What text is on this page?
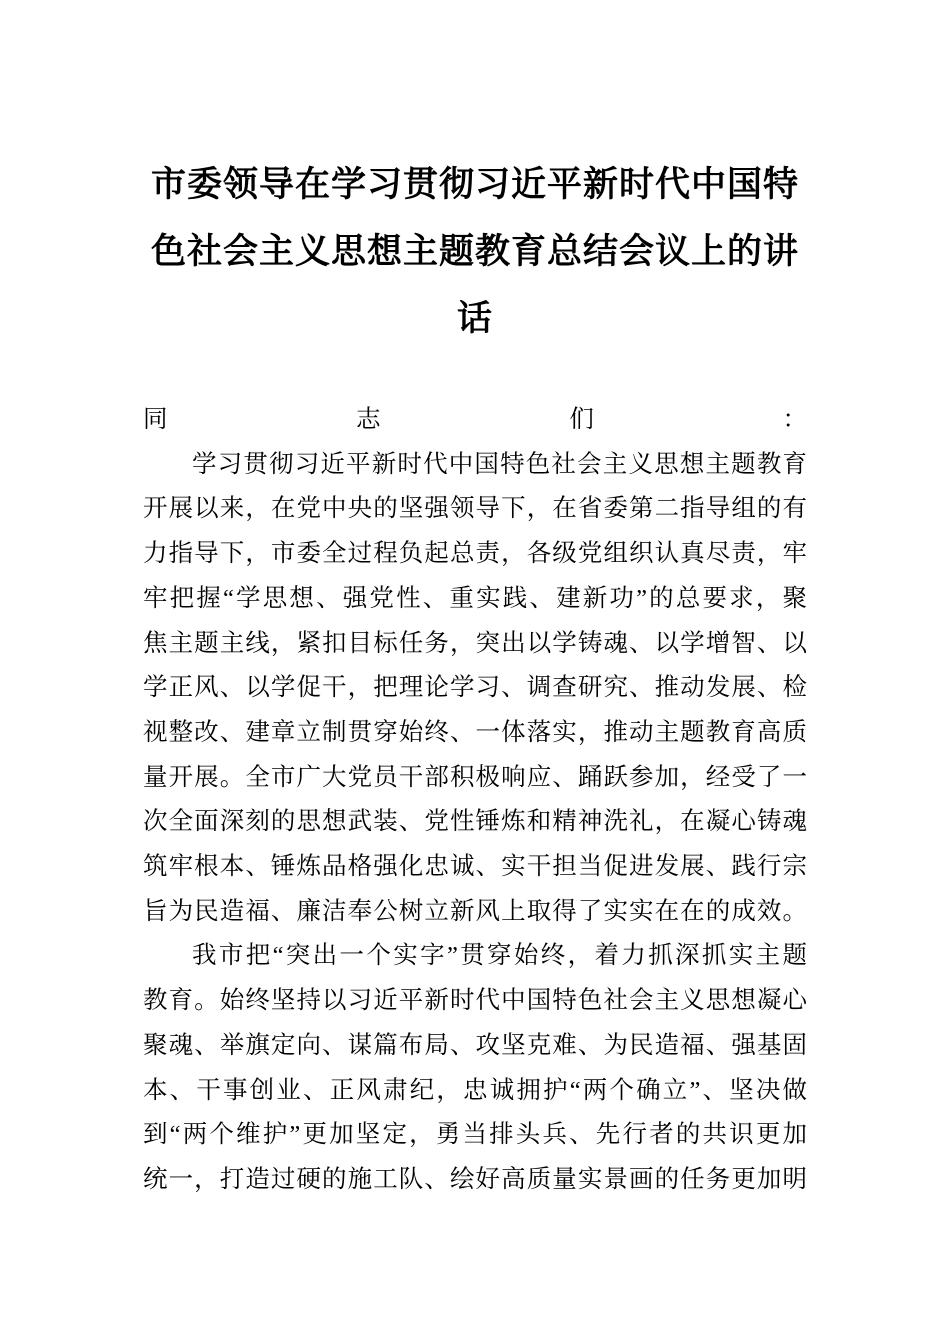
市委领导在学习贯彻习近平新时代中国特
色社会主义思想主题教育总结会议上的讲
话
同志们：
学习贯彻习近平新时代中国特色社会主义思想主题教育
开展以来，在党中央的坚强领导下，在省委第二指导组的有
力指导下，市委全过程负起总责，各级党组织认真尽责，牢
牢把握“学思想、强党性、重实践、建新功”的总要求，聚
焦主题主线，紧扣目标任务，突出以学铸魂、以学增智、以
学正风、以学促干，把理论学习、调查研究、推动发展、检
视整改、建章立制贯穿始终、一体落实，推动主题教育高质
量开展。全市广大党员干部积极响应、踊跃参加，经受了一
次全面深刻的思想武装、党性锤炼和精神洗礼，在凝心铸魂
筑牢根本、锤炼品格强化忠诚、实干担当促进发展、践行宗
旨为民造福、廉洁奉公树立新风上取得了实实在在的成效。
我市把“突出一个实字”贯穿始终，着力抓深抓实主题
教育。始终坚持以习近平新时代中国特色社会主义思想凝心
聚魂、举旗定向、谋篇布局、攻坚克难、为民造福、强基固
本、干事创业、正风肃纪，忠诚拥护“两个确立”、坚决做
到“两个维护”更加坚定，勇当排头兵、先行者的共识更加
统一，打造过硬的施工队、绘好高质量实景画的任务更加明
